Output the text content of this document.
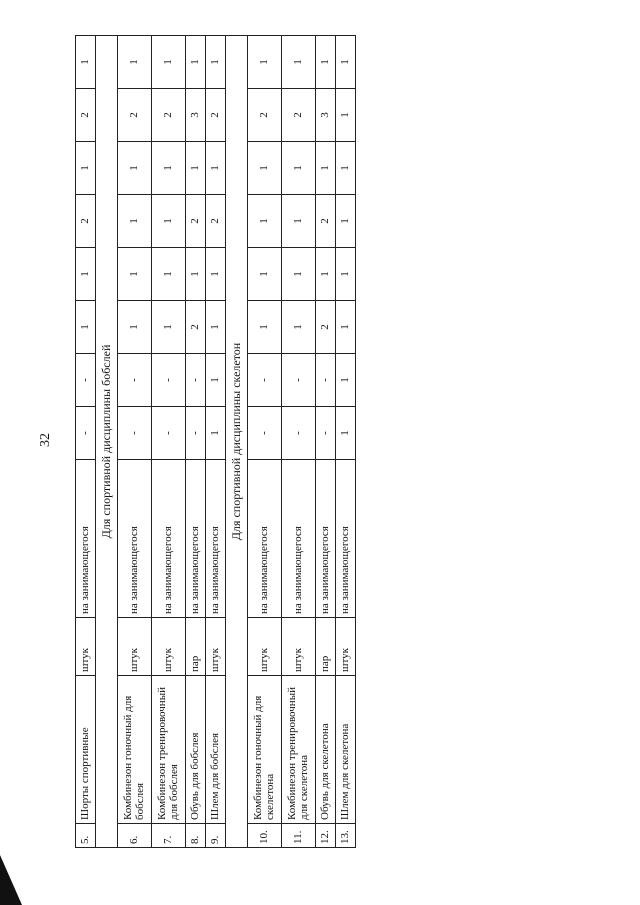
32
5.	Шорты спортивные	штук	на занимающегося	-	-	1	1	2	1	2	1
Для спортивной дисциплины бобслей											
6.	Комбинезон гоночный для бобслея	штук	на занимающегося	-	-	1	1	1	1	2	1
7.	Комбинезон тренировочный для бобслея	штук	на занимающегося	-	-	1	1	1	1	2	1
8.	Обувь для бобслея	пар	на занимающегося	-	-	2	1	2	1	3	1
9.	Шлем для бобслея	штук	на занимающегося	1	1	1	1	2	1	2	1
Для спортивной дисциплины скелетон											
10.	Комбинезон гоночный для скелетона	штук	на занимающегося	-	-	1	1	1	1	2	1
11.	Комбинезон тренировочный для скелетона	штук	на занимающегося	-	-	1	1	1	1	2	1
12.	Обувь для скелетона	пар	на занимающегося	-	-	2	1	2	1	3	1
13.	Шлем для скелетона	штук	на занимающегося	1	1	1	1	1	1	1	1
